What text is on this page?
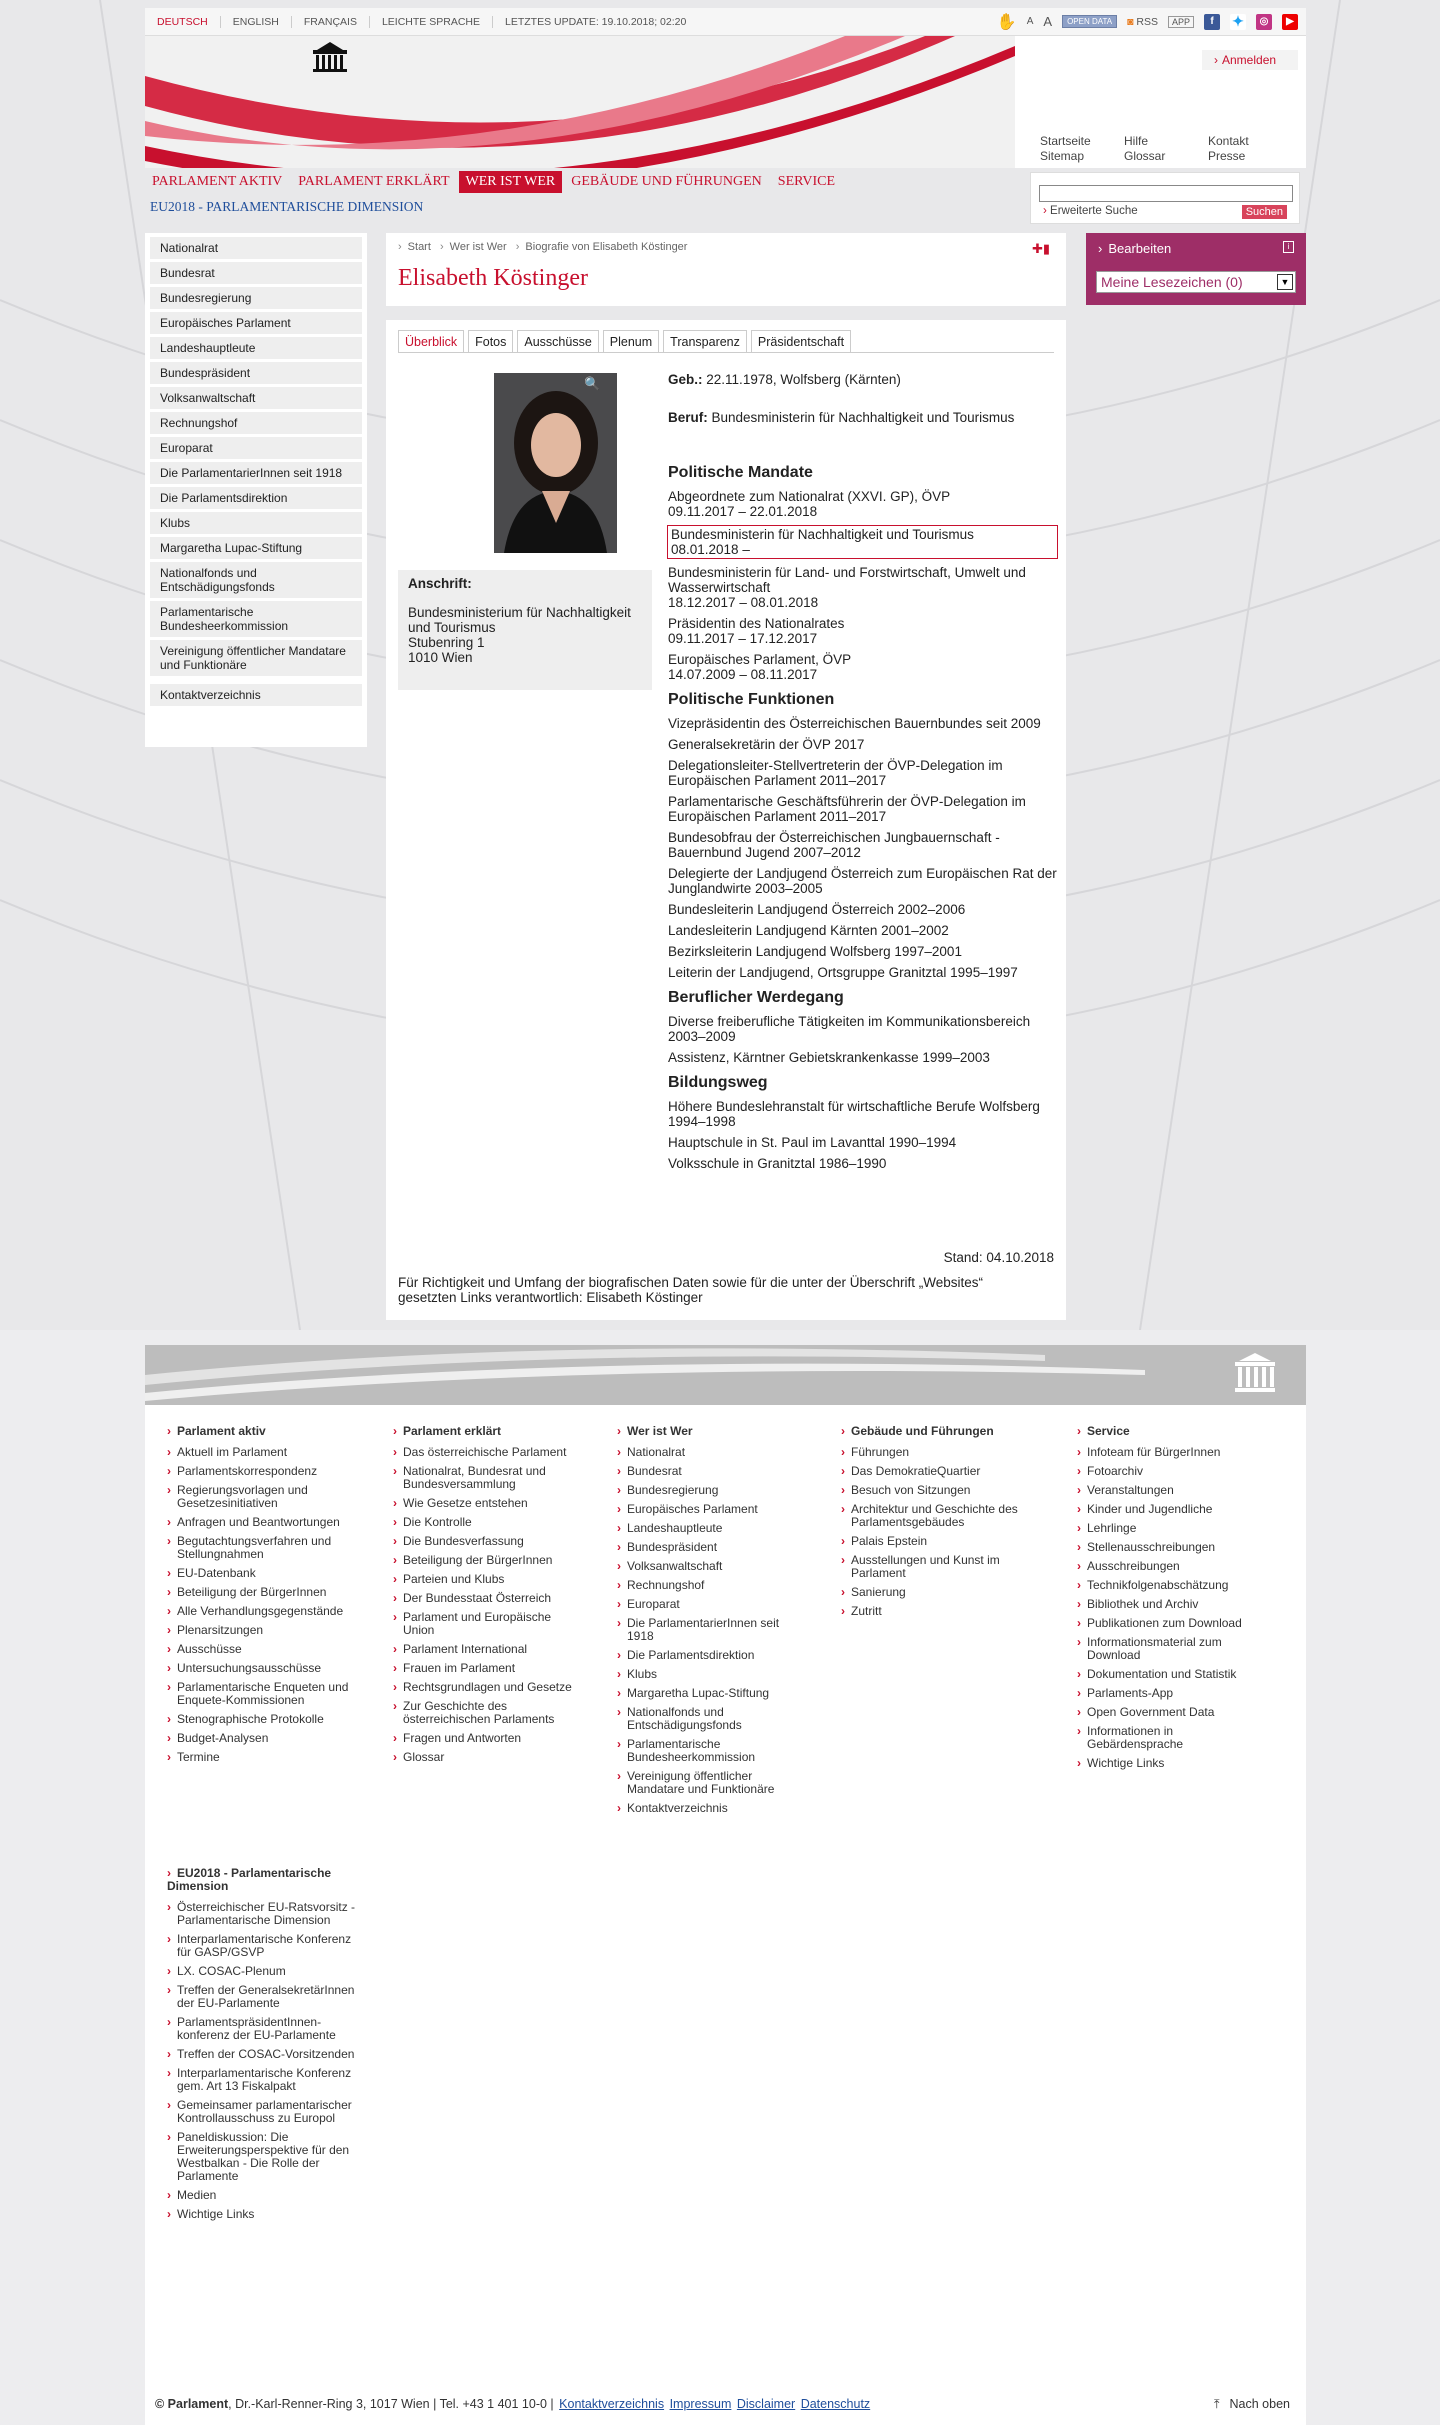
DEUTSCH	ENGLISH	FRANÇAIS	LEICHTE SPRACHE	LETZTES UPDATE: 19.10.2018; 02:20	✋ A A	OPEN DATA	◙ RSS	APP	f	✦	◎	▶
› Anmelden
Startseite	Hilfe	Kontakt
Sitemap	Glossar	Presse
› Erweiterte Suche	Suchen
PARLAMENT AKTIV	PARLAMENT ERKLÄRT	WER IST WER	GEBÄUDE UND FÜHRUNGEN	SERVICE
EU2018 - PARLAMENTARISCHE DIMENSION
Nationalrat
Bundesrat
Bundesregierung
Europäisches Parlament
Landeshauptleute
Bundespräsident
Volksanwaltschaft
Rechnungshof
Europarat
Die ParlamentarierInnen seit 1918
Die Parlamentsdirektion
Klubs
Margaretha Lupac-Stiftung
Nationalfonds und Entschädigungsfonds
Parlamentarische Bundesheerkommission
Vereinigung öffentlicher Mandatare und Funktionäre
Kontaktverzeichnis
› Start › Wer ist Wer › Biografie von Elisabeth Köstinger	✚▮
Elisabeth Köstinger
Überblick	Fotos	Ausschüsse	Plenum	Transparenz	Präsidentschaft
🔍
Anschrift:
Bundesministerium für Nachhaltigkeit und Tourismus
Stubenring 1
1010 Wien
Geb.: 22.11.1978, Wolfsberg (Kärnten)
Beruf: Bundesministerin für Nachhaltigkeit und Tourismus
Politische Mandate
Abgeordnete zum Nationalrat (XXVI. GP), ÖVP
09.11.2017 – 22.01.2018
Bundesministerin für Nachhaltigkeit und Tourismus
08.01.2018 –
Bundesministerin für Land- und Forstwirtschaft, Umwelt und Wasserwirtschaft
18.12.2017 – 08.01.2018
Präsidentin des Nationalrates
09.11.2017 – 17.12.2017
Europäisches Parlament, ÖVP
14.07.2009 – 08.11.2017
Politische Funktionen
Vizepräsidentin des Österreichischen Bauernbundes seit 2009
Generalsekretärin der ÖVP 2017
Delegationsleiter-Stellvertreterin der ÖVP-Delegation im Europäischen Parlament 2011–2017
Parlamentarische Geschäftsführerin der ÖVP-Delegation im Europäischen Parlament 2011–2017
Bundesobfrau der Österreichischen Jungbauernschaft - Bauernbund Jugend 2007–2012
Delegierte der Landjugend Österreich zum Europäischen Rat der Junglandwirte 2003–2005
Bundesleiterin Landjugend Österreich 2002–2006
Landesleiterin Landjugend Kärnten 2001–2002
Bezirksleiterin Landjugend Wolfsberg 1997–2001
Leiterin der Landjugend, Ortsgruppe Granitztal 1995–1997
Beruflicher Werdegang
Diverse freiberufliche Tätigkeiten im Kommunikationsbereich 2003–2009
Assistenz, Kärntner Gebietskrankenkasse 1999–2003
Bildungsweg
Höhere Bundeslehranstalt für wirtschaftliche Berufe Wolfsberg 1994–1998
Hauptschule in St. Paul im Lavanttal 1990–1994
Volksschule in Granitztal 1986–1990
Stand: 04.10.2018
Für Richtigkeit und Umfang der biografischen Daten sowie für die unter der Überschrift „Websites“ gesetzten Links verantwortlich: Elisabeth Köstinger
› Bearbeiten	i
Meine Lesezeichen (0)	▼
› Parlament aktiv
› Aktuell im Parlament
› Parlamentskorrespondenz
› Regierungsvorlagen und Gesetzesinitiativen
› Anfragen und Beantwortungen
› Begutachtungsverfahren und Stellungnahmen
› EU-Datenbank
› Beteiligung der BürgerInnen
› Alle Verhandlungsgegenstände
› Plenarsitzungen
› Ausschüsse
› Untersuchungsausschüsse
› Parlamentarische Enqueten und Enquete-Kommissionen
› Stenographische Protokolle
› Budget-Analysen
› Termine
› Parlament erklärt
› Das österreichische Parlament
› Nationalrat, Bundesrat und Bundesversammlung
› Wie Gesetze entstehen
› Die Kontrolle
› Die Bundesverfassung
› Beteiligung der BürgerInnen
› Parteien und Klubs
› Der Bundesstaat Österreich
› Parlament und Europäische Union
› Parlament International
› Frauen im Parlament
› Rechtsgrundlagen und Gesetze
› Zur Geschichte des österreichischen Parlaments
› Fragen und Antworten
› Glossar
› Wer ist Wer
› Nationalrat
› Bundesrat
› Bundesregierung
› Europäisches Parlament
› Landeshauptleute
› Bundespräsident
› Volksanwaltschaft
› Rechnungshof
› Europarat
› Die ParlamentarierInnen seit 1918
› Die Parlamentsdirektion
› Klubs
› Margaretha Lupac-Stiftung
› Nationalfonds und Entschädigungsfonds
› Parlamentarische Bundesheerkommission
› Vereinigung öffentlicher Mandatare und Funktionäre
› Kontaktverzeichnis
› Gebäude und Führungen
› Führungen
› Das DemokratieQuartier
› Besuch von Sitzungen
› Architektur und Geschichte des Parlamentsgebäudes
› Palais Epstein
› Ausstellungen und Kunst im Parlament
› Sanierung
› Zutritt
› Service
› Infoteam für BürgerInnen
› Fotoarchiv
› Veranstaltungen
› Kinder und Jugendliche
› Lehrlinge
› Stellenausschreibungen
› Ausschreibungen
› Technikfolgenabschätzung
› Bibliothek und Archiv
› Publikationen zum Download
› Informationsmaterial zum Download
› Dokumentation und Statistik
› Parlaments-App
› Open Government Data
› Informationen in Gebärdensprache
› Wichtige Links
› EU2018 - Parlamentarische Dimension
› Österreichischer EU-Ratsvorsitz - Parlamentarische Dimension
› Interparlamentarische Konferenz für GASP/GSVP
› LX. COSAC-Plenum
› Treffen der GeneralsekretärInnen der EU-Parlamente
› ParlamentspräsidentInnen-konferenz der EU-Parlamente
› Treffen der COSAC-Vorsitzenden
› Interparlamentarische Konferenz gem. Art 13 Fiskalpakt
› Gemeinsamer parlamentarischer Kontrollausschuss zu Europol
› Paneldiskussion: Die Erweiterungsperspektive für den Westbalkan - Die Rolle der Parlamente
› Medien
› Wichtige Links
© Parlament, Dr.-Karl-Renner-Ring 3, 1017 Wien | Tel. +43 1 401 10-0 | Kontaktverzeichnis Impressum Disclaimer Datenschutz	⤒ Nach oben
